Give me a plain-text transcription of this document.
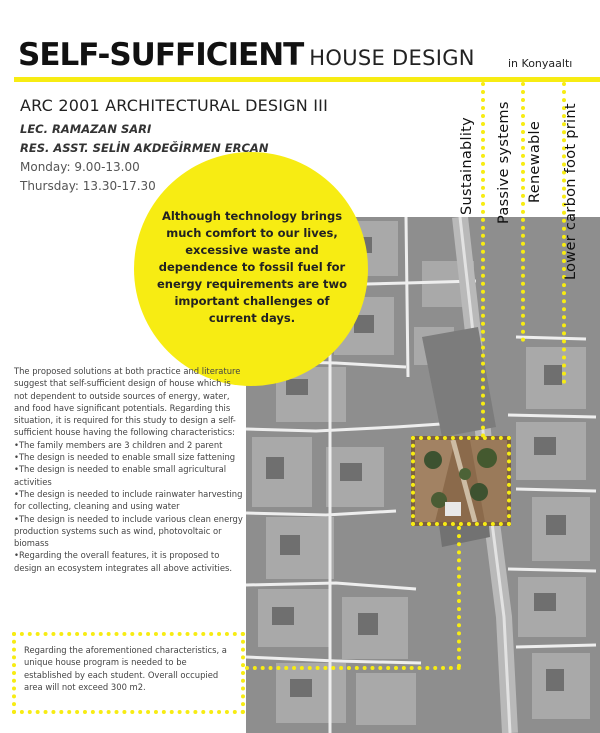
SELF-SUFFICIENT HOUSE DESIGN	in Konyaaltı
ARC 2001 ARCHITECTURAL DESIGN III
LEC. RAMAZAN SARI
RES. ASST. SELİN AKDEĞİRMEN ERCAN
Monday: 9.00-13.00
Thursday: 13.30-17.30
Although technology brings much comfort to our lives, excessive waste and dependence to fossil fuel for energy requirements are two important challenges of current days.
Sustainablity Passive systems Renewable Lower carbon foot print

The proposed solutions at both practice and literature suggest that self-sufficient design of house which is not dependent to outside sources of energy, water, and food have significant potentials. Regarding this situation, it is required for this study to design a self-sufficient house having the following characteristics:

•The family members are 3 children and 2 parent
•The design is needed to enable small size fattening
•The design is needed to enable small agricultural activities
•The design is needed to include rainwater harvesting for collecting, cleaning and using water
•The design is needed to include various clean energy production systems such as wind, photovoltaic or biomass
•Regarding the overall features, it is proposed to design an ecosystem integrates all above activities.
Regarding the aforementioned characteristics, a unique house program is needed to be established by each student. Overall occupied area will not exceed 300 m2.
